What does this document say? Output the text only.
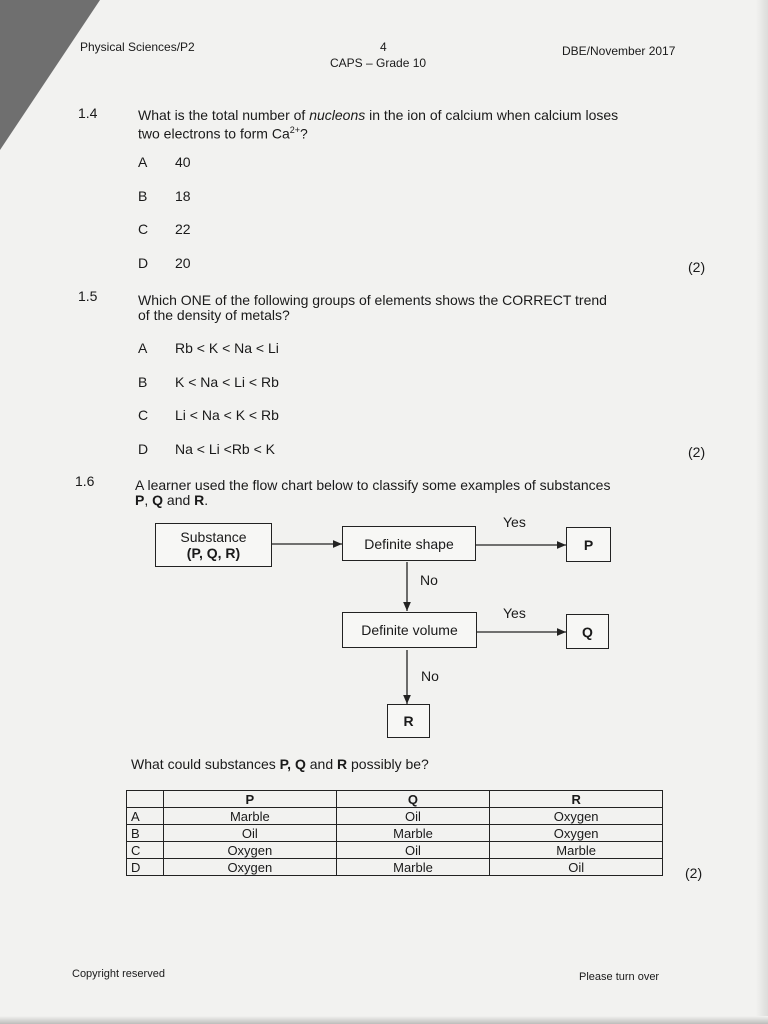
Physical Sciences/P2	4
CAPS – Grade 10
DBE/November 2017
1.4	What is the total number of nucleons in the ion of calcium when calcium loses
two electrons to form $Ca^{2+}$?
A 40
B 18
C 22
D 20	(2)
1.5	Which ONE of the following groups of elements shows the CORRECT trend
of the density of metals?
A Rb < K < Na < Li
B K < Na < Li < Rb
C Li < Na < K < Rb
D Na < Li <Rb < K	(2)
1.6	A learner used the flow chart below to classify some examples of substances
P, Q and R.
Substance
(P, Q, R)
Definite shape	P
Definite volume	Q
R
Yes
No
Yes
No
What could substances P, Q and R possibly be?
	P	Q	R
A	Marble	Oil	Oxygen
B	Oil	Marble	Oxygen
C	Oxygen	Oil	Marble
D	Oxygen	Marble	Oil	(2)
Copyright reserved	Please turn over
